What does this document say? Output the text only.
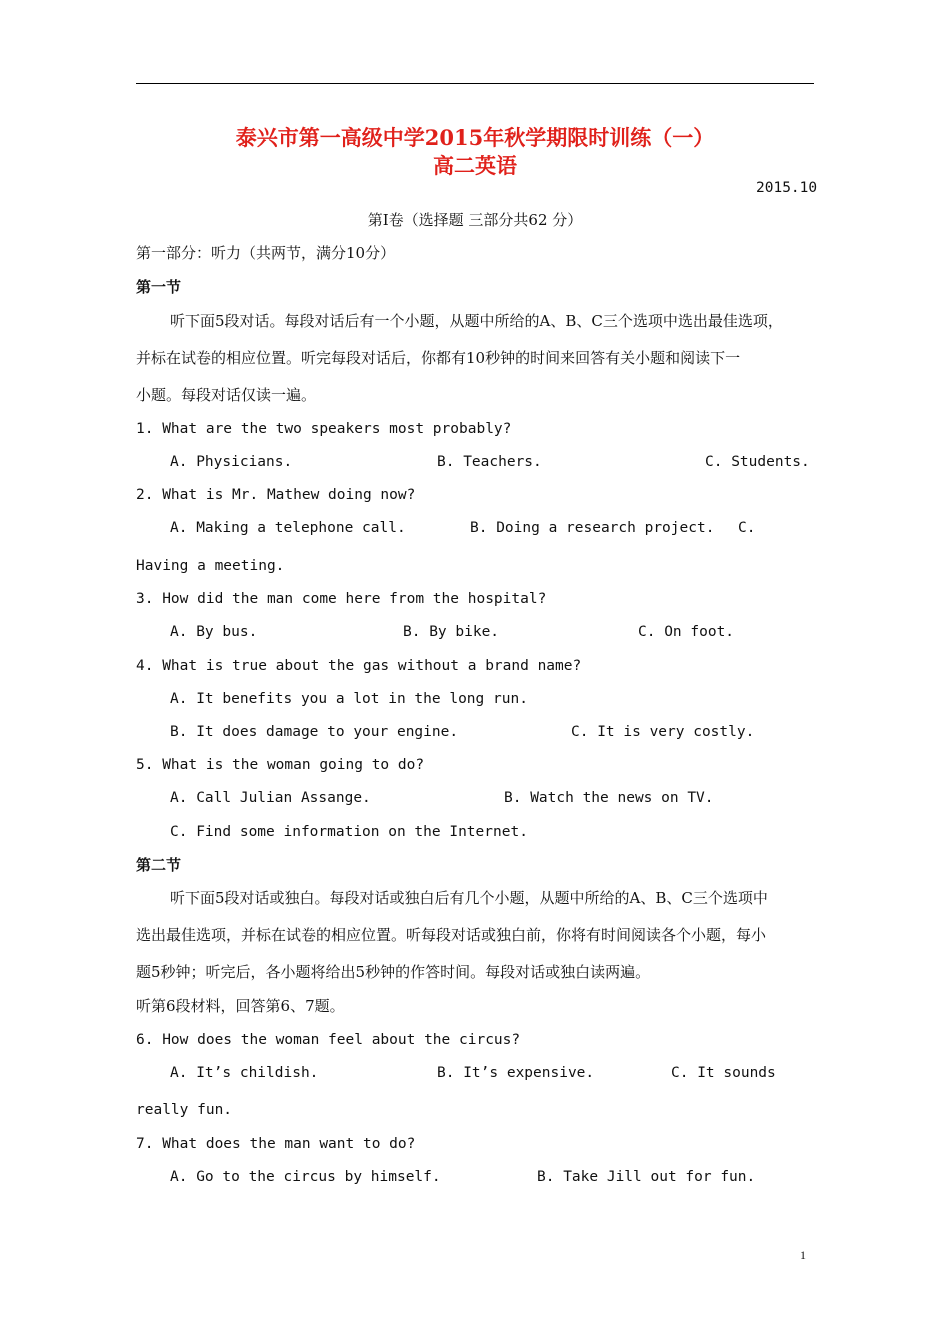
泰兴市第一高级中学2015年秋学期限时训练（一）
高二英语
2015.10
第Ⅰ卷（选择题 三部分共62 分）
第一部分：听力（共两节，满分10分）
第一节
听下面5段对话。每段对话后有一个小题，从题中所给的A、B、C三个选项中选出最佳选项，
并标在试卷的相应位置。听完每段对话后，你都有10秒钟的时间来回答有关小题和阅读下一
小题。每段对话仅读一遍。
1. What are the two speakers most probably?
A. Physicians.	B. Teachers.	C. Students.
2. What is Mr. Mathew doing now?
A. Making a telephone call.	B. Doing a research project. C.
Having a meeting.
3. How did the man come here from the hospital?
A. By bus.	B. By bike.	C. On foot.
4. What is true about the gas without a brand name?
A. It benefits you a lot in the long run.
B. It does damage to your engine.	C. It is very costly.
5. What is the woman going to do?
A. Call Julian Assange.	B. Watch the news on TV.
C. Find some information on the Internet.
第二节
听下面5段对话或独白。每段对话或独白后有几个小题，从题中所给的A、B、C三个选项中
选出最佳选项，并标在试卷的相应位置。听每段对话或独白前，你将有时间阅读各个小题，每小
题5秒钟；听完后，各小题将给出5秒钟的作答时间。每段对话或独白读两遍。
听第6段材料，回答第6、7题。
6. How does the woman feel about the circus?
A. It’s childish.	B. It’s expensive.	C. It sounds
really fun.
7. What does the man want to do?
A. Go to the circus by himself.	B. Take Jill out for fun.
1
